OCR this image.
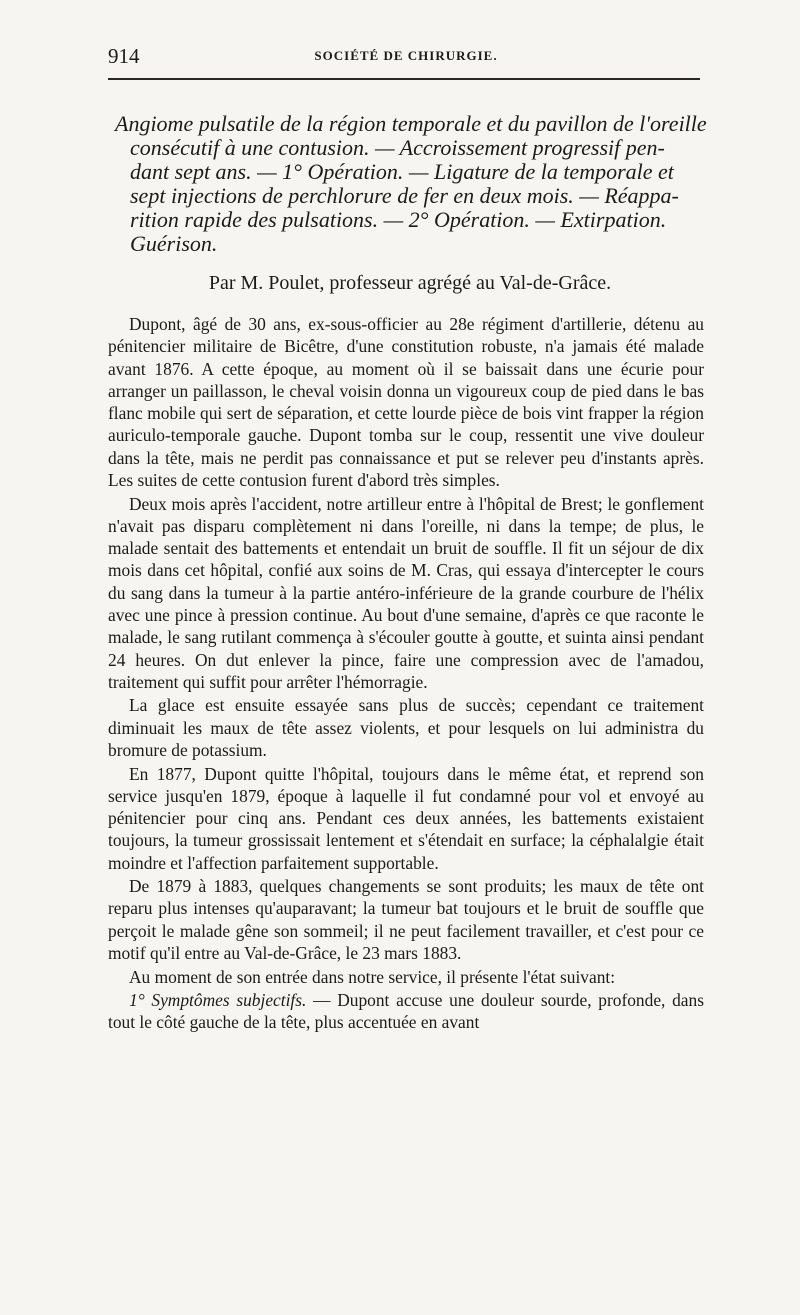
914	SOCIÉTÉ DE CHIRURGIE.
Angiome pulsatile de la région temporale et du pavillon de l'oreille
consécutif à une contusion. — Accroissement progressif pen-
dant sept ans. — 1° Opération. — Ligature de la temporale et
sept injections de perchlorure de fer en deux mois. — Réappa-
rition rapide des pulsations. — 2° Opération. — Extirpation.
Guérison.
Par M. Poulet, professeur agrégé au Val-de-Grâce.

Dupont, âgé de 30 ans, ex-sous-officier au 28e régiment d'artillerie, détenu au pénitencier militaire de Bicêtre, d'une constitution robuste, n'a jamais été malade avant 1876. A cette époque, au moment où il se baissait dans une écurie pour arranger un paillasson, le cheval voisin donna un vigoureux coup de pied dans le bas flanc mobile qui sert de séparation, et cette lourde pièce de bois vint frapper la région auriculo-temporale gauche. Dupont tomba sur le coup, ressentit une vive douleur dans la tête, mais ne perdit pas connaissance et put se relever peu d'instants après. Les suites de cette contusion furent d'abord très simples.

Deux mois après l'accident, notre artilleur entre à l'hôpital de Brest; le gonflement n'avait pas disparu complètement ni dans l'oreille, ni dans la tempe; de plus, le malade sentait des battements et entendait un bruit de souffle. Il fit un séjour de dix mois dans cet hôpital, confié aux soins de M. Cras, qui essaya d'intercepter le cours du sang dans la tumeur à la partie antéro-inférieure de la grande courbure de l'hélix avec une pince à pression continue. Au bout d'une semaine, d'après ce que raconte le malade, le sang rutilant commença à s'écouler goutte à goutte, et suinta ainsi pendant 24 heures. On dut enlever la pince, faire une compression avec de l'amadou, traitement qui suffit pour arrêter l'hémorragie.

La glace est ensuite essayée sans plus de succès; cependant ce traitement diminuait les maux de tête assez violents, et pour lesquels on lui administra du bromure de potassium.

En 1877, Dupont quitte l'hôpital, toujours dans le même état, et reprend son service jusqu'en 1879, époque à laquelle il fut condamné pour vol et envoyé au pénitencier pour cinq ans. Pendant ces deux années, les battements existaient toujours, la tumeur grossissait lentement et s'étendait en surface; la céphalalgie était moindre et l'affection parfaitement supportable.

De 1879 à 1883, quelques changements se sont produits; les maux de tête ont reparu plus intenses qu'auparavant; la tumeur bat toujours et le bruit de souffle que perçoit le malade gêne son sommeil; il ne peut facilement travailler, et c'est pour ce motif qu'il entre au Val-de-Grâce, le 23 mars 1883.

Au moment de son entrée dans notre service, il présente l'état suivant:

1° Symptômes subjectifs. — Dupont accuse une douleur sourde, profonde, dans tout le côté gauche de la tête, plus accentuée en avant
